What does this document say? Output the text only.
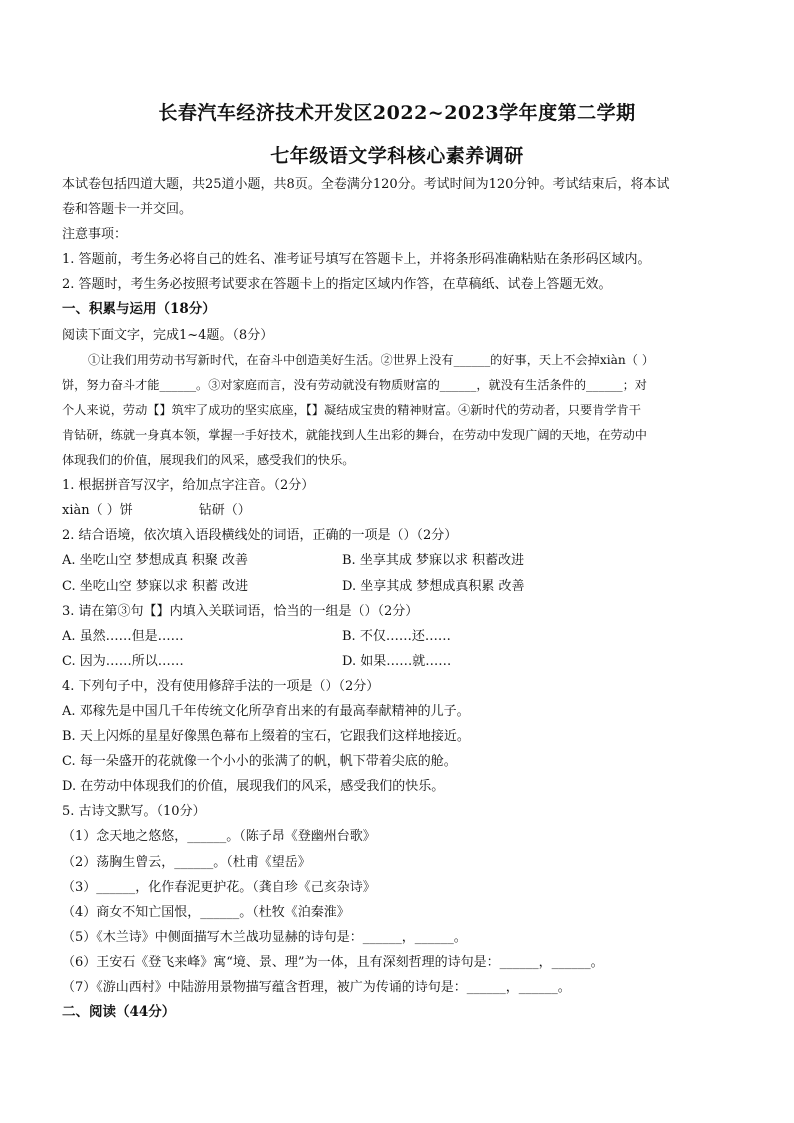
长春汽车经济技术开发区2022~2023学年度第二学期
七年级语文学科核心素养调研
本试卷包括四道大题，共25道小题，共8页。全卷满分120分。考试时间为120分钟。考试结束后，将本试
卷和答题卡一并交回。
注意事项：
1. 答题前，考生务必将自己的姓名、准考证号填写在答题卡上，并将条形码准确粘贴在条形码区域内。
2. 答题时，考生务必按照考试要求在答题卡上的指定区域内作答，在草稿纸、试卷上答题无效。
一、积累与运用（18分）
阅读下面文字，完成1~4题。（8分）
①让我们用劳动书写新时代，在奋斗中创造美好生活。②世界上没有______的好事，天上不会掉xiàn（ ）
饼，努力奋斗才能______。③对家庭而言，没有劳动就没有物质财富的______，就没有生活条件的______；对
个人来说，劳动【】筑牢了成功的坚实底座，【】凝结成宝贵的精神财富。④新时代的劳动者，只要肯学肯干
肯钻研，练就一身真本领，掌握一手好技术，就能找到人生出彩的舞台，在劳动中发现广阔的天地，在劳动中
体现我们的价值，展现我们的风采，感受我们的快乐。
1. 根据拼音写汉字，给加点字注音。（2分）
xiàn（ ）饼	钻研（）
2. 结合语境，依次填入语段横线处的词语，正确的一项是（）（2分）
A. 坐吃山空 梦想成真 积聚 改善	B. 坐享其成 梦寐以求 积蓄改进
C. 坐吃山空 梦寐以求 积蓄 改进	D. 坐享其成 梦想成真积累 改善
3. 请在第③句【】内填入关联词语，恰当的一组是（）（2分）
A. 虽然……但是……	B. 不仅……还……
C. 因为……所以……	D. 如果……就……
4. 下列句子中，没有使用修辞手法的一项是（）（2分）
A. 邓稼先是中国几千年传统文化所孕育出来的有最高奉献精神的儿子。
B. 天上闪烁的星星好像黑色幕布上缀着的宝石，它跟我们这样地接近。
C. 每一朵盛开的花就像一个小小的张满了的帆，帆下带着尖底的舱。
D. 在劳动中体现我们的价值，展现我们的风采，感受我们的快乐。
5. 古诗文默写。（10分）
（1）念天地之悠悠，______。（陈子昂《登幽州台歌》
（2）荡胸生曾云，______。（杜甫《望岳》
（3）______，化作春泥更护花。（龚自珍《己亥杂诗》
（4）商女不知亡国恨，______。（杜牧《泊秦淮》
（5）《木兰诗》中侧面描写木兰战功显赫的诗句是：______，______。
（6）王安石《登飞来峰》寓“境、景、理”为一体，且有深刻哲理的诗句是：______，______。
（7）《游山西村》中陆游用景物描写蕴含哲理，被广为传诵的诗句是：______，______。
二、阅读（44分）
